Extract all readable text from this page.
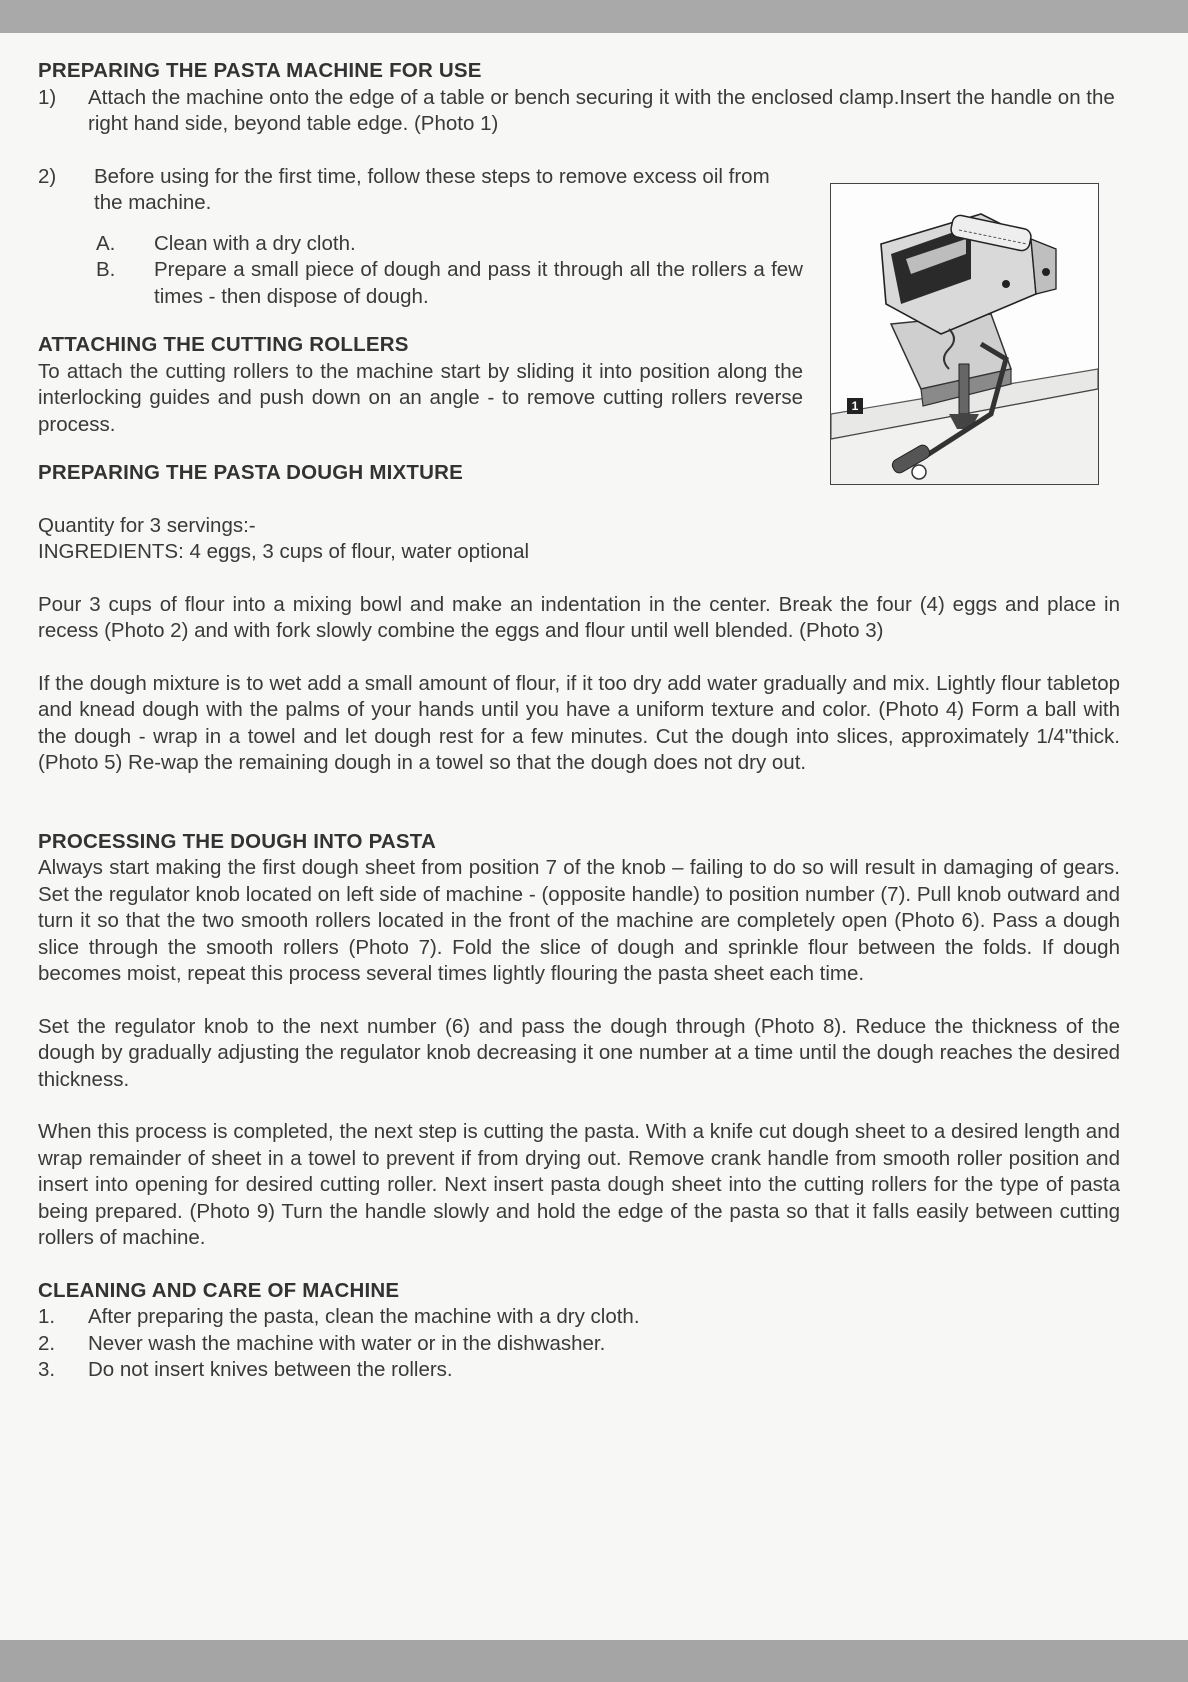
PREPARING THE PASTA MACHINE FOR USE
1)	Attach the machine onto the edge of a table or bench securing it with the enclosed clamp.Insert the handle on the right hand side, beyond table edge. (Photo 1)
2)	Before using for the first time, follow these steps to remove excess oil from the machine.
A.	Clean with a dry cloth.
B.	Prepare a small piece of dough and pass it through all the rollers a few times - then dispose of dough.
ATTACHING THE CUTTING ROLLERS
To attach the cutting rollers to the machine start by sliding it into position along the interlocking guides and push down on an angle - to remove cutting rollers reverse process.
PREPARING THE PASTA DOUGH MIXTURE
Quantity for 3 servings:-
INGREDIENTS: 4 eggs, 3 cups of flour, water optional
Pour 3 cups of flour into a mixing bowl and make an indentation in the center. Break the four (4) eggs and place in recess (Photo 2) and with fork slowly combine the eggs and flour until well blended. (Photo 3)
If the dough mixture is to wet add a small amount of flour, if it too dry add water gradually and mix. Lightly flour tabletop and knead dough with the palms of your hands until you have a uniform texture and color. (Photo 4) Form a ball with the dough - wrap in a towel and let dough rest for a few minutes. Cut the dough into slices, approximately 1/4"thick. (Photo 5) Re-wap the remaining dough in a towel so that the dough does not dry out.
PROCESSING THE DOUGH INTO PASTA
Always start making the first dough sheet from position 7 of the knob – failing to do so will result in damaging of gears. Set the regulator knob located on left side of machine - (opposite handle) to position number (7). Pull knob outward and turn it so that the two smooth rollers located in the front of the machine are completely open (Photo 6). Pass a dough slice through the smooth rollers (Photo 7). Fold the slice of dough and sprinkle flour between the folds. If dough becomes moist, repeat this process several times lightly flouring the pasta sheet each time.
Set the regulator knob to the next number (6) and pass the dough through (Photo 8). Reduce the thickness of the dough by gradually adjusting the regulator knob decreasing it one number at a time until the dough reaches the desired thickness.
When this process is completed, the next step is cutting the pasta. With a knife cut dough sheet to a desired length and wrap remainder of sheet in a towel to prevent if from drying out. Remove crank handle from smooth roller position and insert into opening for desired cutting roller. Next insert pasta dough sheet into the cutting rollers for the type of pasta being prepared. (Photo 9) Turn the handle slowly and hold the edge of the pasta so that it falls easily between cutting rollers of machine.
CLEANING AND CARE OF MACHINE
1.	After preparing the pasta, clean the machine with a dry cloth.
2.	Never wash the machine with water or in the dishwasher.
3.	Do not insert knives between the rollers.
1
